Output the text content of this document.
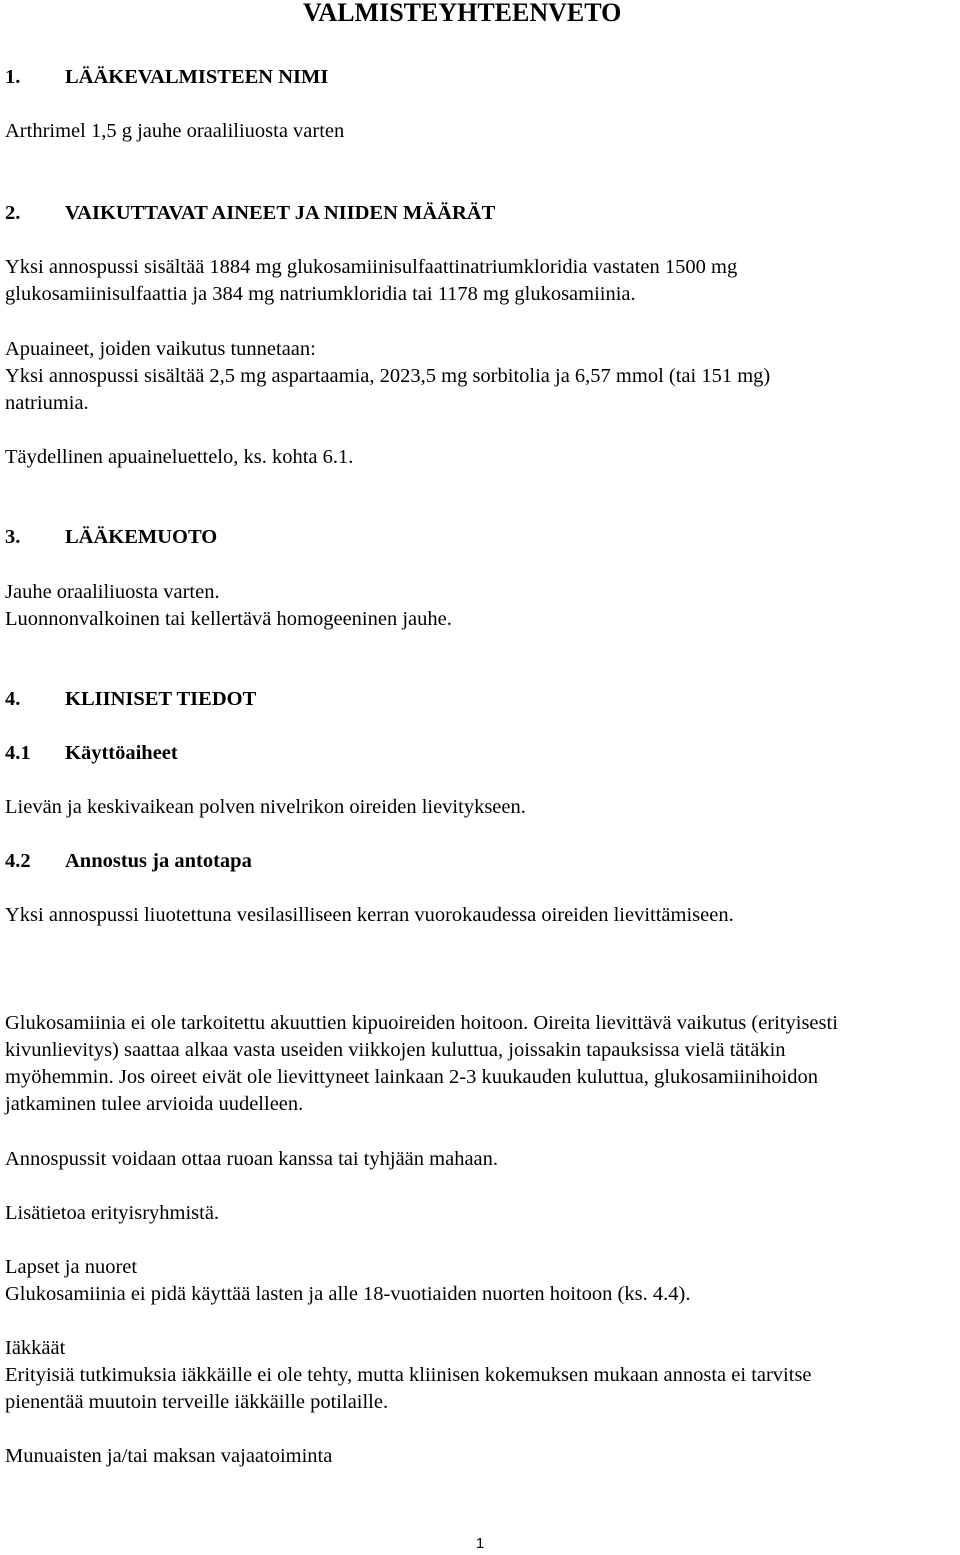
VALMISTEYHTEENVETO
1. LÄÄKEVALMISTEEN NIMI
Arthrimel 1,5 g jauhe oraaliliuosta varten
2. VAIKUTTAVAT AINEET JA NIIDEN MÄÄRÄT
Yksi annospussi sisältää 1884 mg glukosamiinisulfaattinatriumkloridia vastaten 1500 mg
glukosamiinisulfaattia ja 384 mg natriumkloridia tai 1178 mg glukosamiinia.
Apuaineet, joiden vaikutus tunnetaan:
Yksi annospussi sisältää 2,5 mg aspartaamia, 2023,5 mg sorbitolia ja 6,57 mmol (tai 151 mg)
natriumia.
Täydellinen apuaineluettelo, ks. kohta 6.1.
3. LÄÄKEMUOTO
Jauhe oraaliliuosta varten.
Luonnonvalkoinen tai kellertävä homogeeninen jauhe.
4. KLIINISET TIEDOT
4.1 Käyttöaiheet
Lievän ja keskivaikean polven nivelrikon oireiden lievitykseen.
4.2 Annostus ja antotapa
Yksi annospussi liuotettuna vesilasilliseen kerran vuorokaudessa oireiden lievittämiseen.
Glukosamiinia ei ole tarkoitettu akuuttien kipuoireiden hoitoon. Oireita lievittävä vaikutus (erityisesti
kivunlievitys) saattaa alkaa vasta useiden viikkojen kuluttua, joissakin tapauksissa vielä tätäkin
myöhemmin. Jos oireet eivät ole lievittyneet lainkaan 2-3 kuukauden kuluttua, glukosamiinihoidon
jatkaminen tulee arvioida uudelleen.
Annospussit voidaan ottaa ruoan kanssa tai tyhjään mahaan.
Lisätietoa erityisryhmistä.
Lapset ja nuoret
Glukosamiinia ei pidä käyttää lasten ja alle 18-vuotiaiden nuorten hoitoon (ks. 4.4).
Iäkkäät
Erityisiä tutkimuksia iäkkäille ei ole tehty, mutta kliinisen kokemuksen mukaan annosta ei tarvitse
pienentää muutoin terveille iäkkäille potilaille.
Munuaisten ja/tai maksan vajaatoiminta
1
